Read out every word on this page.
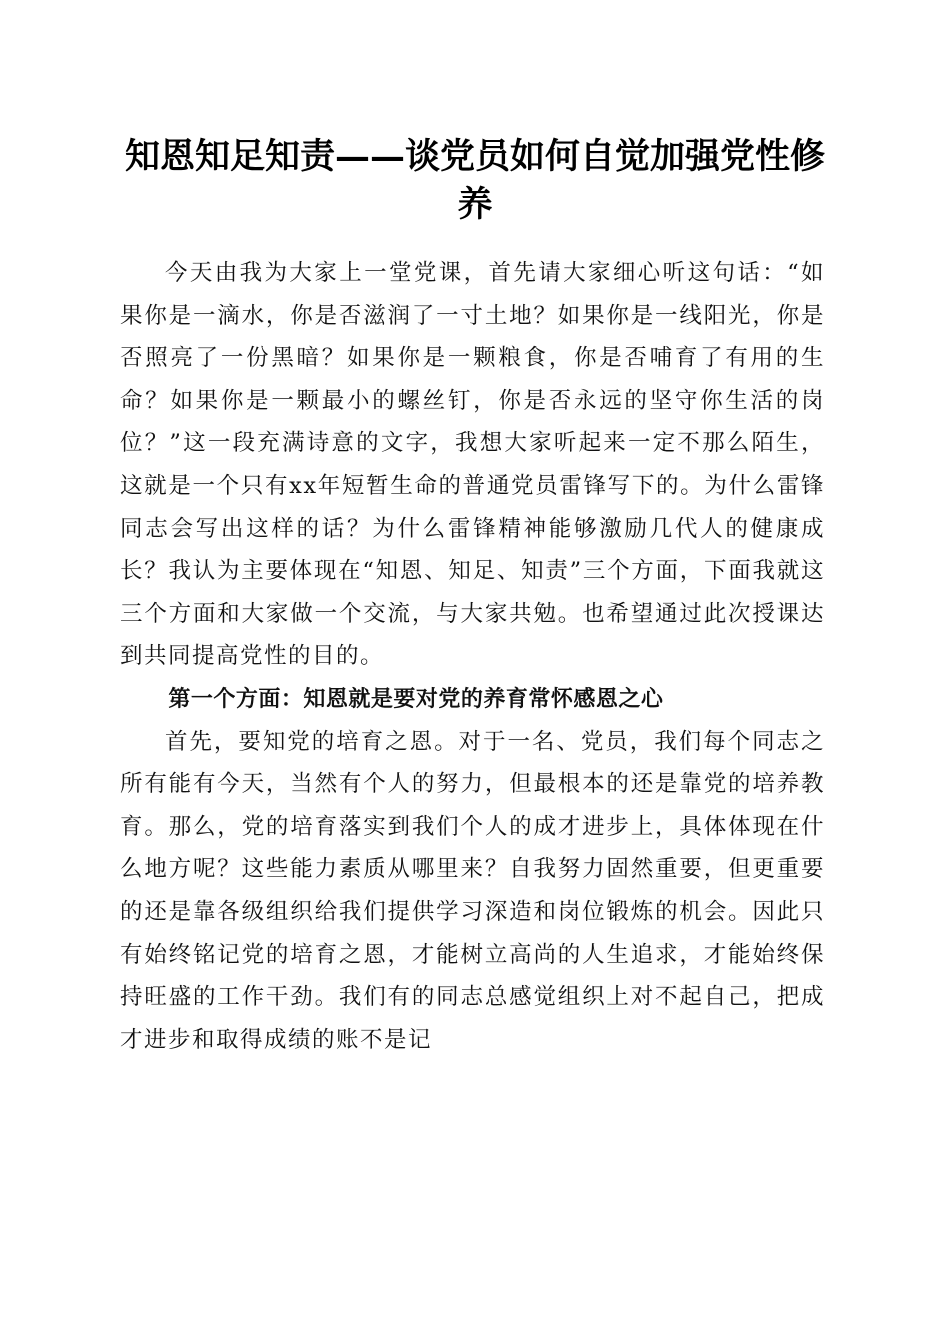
知恩知足知责——谈党员如何自觉加强党性修养

今天由我为大家上一堂党课，首先请大家细心听这句话：“如果你是一滴水，你是否滋润了一寸土地？如果你是一线阳光，你是否照亮了一份黑暗？如果你是一颗粮食，你是否哺育了有用的生命？如果你是一颗最小的螺丝钉，你是否永远的坚守你生活的岗位？”这一段充满诗意的文字，我想大家听起来一定不那么陌生，这就是一个只有xx年短暂生命的普通党员雷锋写下的。为什么雷锋同志会写出这样的话？为什么雷锋精神能够激励几代人的健康成长？我认为主要体现在“知恩、知足、知责”三个方面，下面我就这三个方面和大家做一个交流，与大家共勉。也希望通过此次授课达到共同提高党性的目的。

第一个方面：知恩就是要对党的养育常怀感恩之心

首先，要知党的培育之恩。对于一名、党员，我们每个同志之所有能有今天，当然有个人的努力，但最根本的还是靠党的培养教育。那么，党的培育落实到我们个人的成才进步上，具体体现在什么地方呢？这些能力素质从哪里来？自我努力固然重要，但更重要的还是靠各级组织给我们提供学习深造和岗位锻炼的机会。因此只有始终铭记党的培育之恩，才能树立高尚的人生追求，才能始终保持旺盛的工作干劲。我们有的同志总感觉组织上对不起自己，把成才进步和取得成绩的账不是记
